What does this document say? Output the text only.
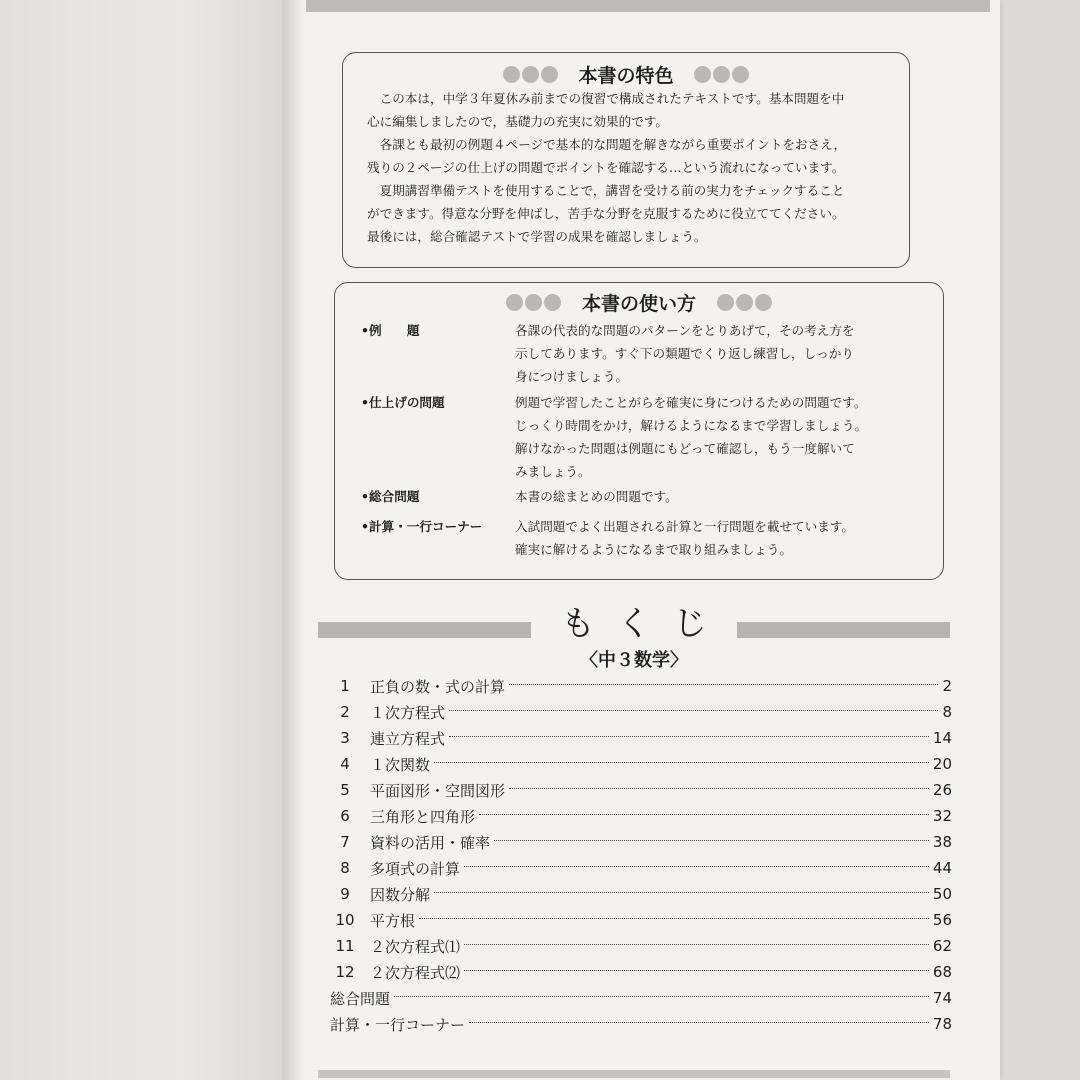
本書の特色
　この本は，中学３年夏休み前までの復習で構成されたテキストです。基本問題を中
心に編集しましたので，基礎力の充実に効果的です。
　各課とも最初の例題４ページで基本的な問題を解きながら重要ポイントをおさえ，
残りの２ページの仕上げの問題でポイントを確認する…という流れになっています。
　夏期講習準備テストを使用することで，講習を受ける前の実力をチェックすること
ができます。得意な分野を伸ばし，苦手な分野を克服するために役立ててください。
最後には，総合確認テストで学習の成果を確認しましょう。
本書の使い方
•例　　題	各課の代表的な問題のパターンをとりあげて，その考え方を
示してあります。すぐ下の類題でくり返し練習し，しっかり
身につけましょう。
•仕上げの問題	例題で学習したことがらを確実に身につけるための問題です。
じっくり時間をかけ，解けるようになるまで学習しましょう。
解けなかった問題は例題にもどって確認し，もう一度解いて
みましょう。
•総合問題	本書の総まとめの問題です。
•計算・一行コーナー	入試問題でよく出題される計算と一行問題を載せています。
確実に解けるようになるまで取り組みましょう。
もくじ
〈中３数学〉
1	正負の数・式の計算	2
2	１次方程式	8
3	連立方程式	14
4	１次関数	20
5	平面図形・空間図形	26
6	三角形と四角形	32
7	資料の活用・確率	38
8	多項式の計算	44
9	因数分解	50
10	平方根	56
11	２次方程式⑴	62
12	２次方程式⑵	68
総合問題	74
計算・一行コーナー	78
